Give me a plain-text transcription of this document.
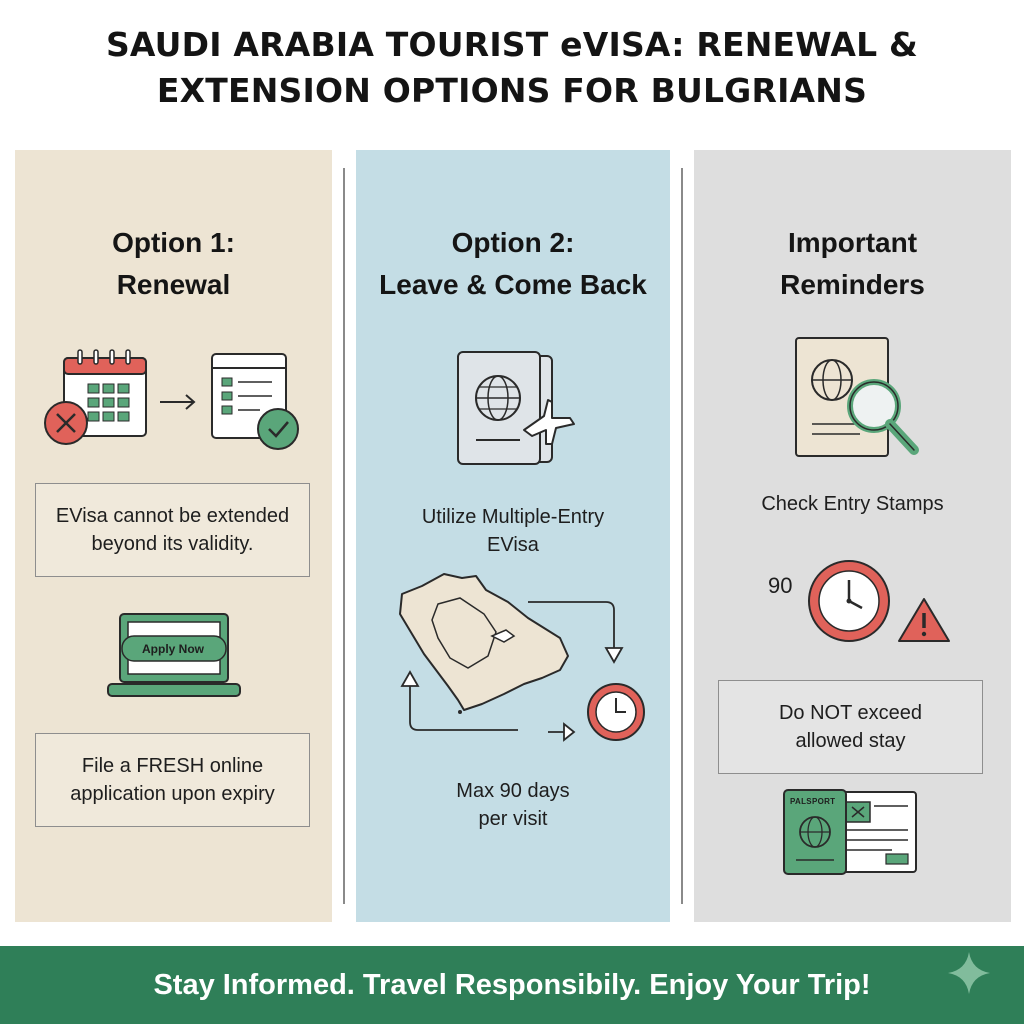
SAUDI ARABIA TOURIST eVISA: RENEWAL &
EXTENSION OPTIONS FOR BULGRIANS
Option 1:
Renewal
EVisa cannot be extended
beyond its validity.
Apply Now
File a FRESH online
application upon expiry
Option 2:
Leave & Come Back
Utilize Multiple-Entry
EVisa
Max 90 days
per visit
Important
Reminders
Check Entry Stamps
90
Do NOT exceed
allowed stay
PALSPORT
Stay Informed. Travel Responsibily. Enjoy Your Trip!
